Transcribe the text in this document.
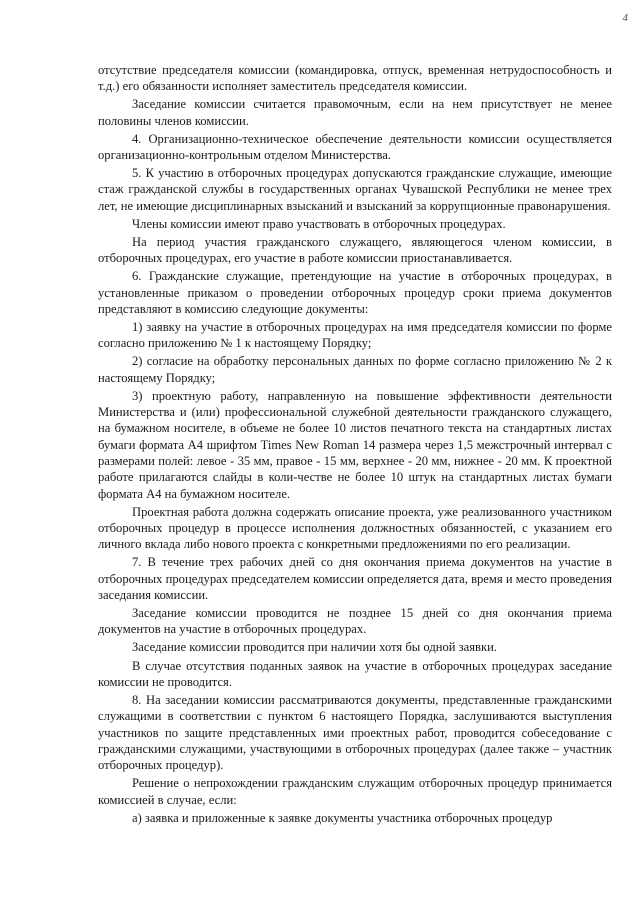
4

отсутствие председателя комиссии (командировка, отпуск, временная нетрудоспособность и т.д.) его обязанности исполняет заместитель председателя комиссии.

Заседание комиссии считается правомочным, если на нем присутствует не менее половины членов комиссии.

4. Организационно-техническое обеспечение деятельности комиссии осуществляется организационно-контрольным отделом Министерства.

5. К участию в отборочных процедурах допускаются гражданские служащие, имеющие стаж гражданской службы в государственных органах Чувашской Республики не менее трех лет, не имеющие дисциплинарных взысканий и взысканий за коррупционные правонарушения.

Члены комиссии имеют право участвовать в отборочных процедурах.

На период участия гражданского служащего, являющегося членом комиссии, в отборочных процедурах, его участие в работе комиссии приостанавливается.

6. Гражданские служащие, претендующие на участие в отборочных процедурах, в установленные приказом о проведении отборочных процедур сроки приема документов представляют в комиссию следующие документы:

1) заявку на участие в отборочных процедурах на имя председателя комиссии по форме согласно приложению № 1 к настоящему Порядку;

2) согласие на обработку персональных данных по форме согласно приложению № 2 к настоящему Порядку;

3) проектную работу, направленную на повышение эффективности деятельности Министерства и (или) профессиональной служебной деятельности гражданского служащего, на бумажном носителе, в объеме не более 10 листов печатного текста на стандартных листах бумаги формата А4 шрифтом Times New Roman 14 размера через 1,5 межстрочный интервал с размерами полей: левое - 35 мм, правое - 15 мм, верхнее - 20 мм, нижнее - 20 мм. К проектной работе прилагаются слайды в коли-честве не более 10 штук на стандартных листах бумаги формата А4 на бумажном носителе.

Проектная работа должна содержать описание проекта, уже реализованного участником отборочных процедур в процессе исполнения должностных обязанностей, с указанием его личного вклада либо нового проекта с конкретными предложениями по его реализации.

7. В течение трех рабочих дней со дня окончания приема документов на участие в отборочных процедурах председателем комиссии определяется дата, время и место проведения заседания комиссии.

Заседание комиссии проводится не позднее 15 дней со дня окончания приема документов на участие в отборочных процедурах.

Заседание комиссии проводится при наличии хотя бы одной заявки.

В случае отсутствия поданных заявок на участие в отборочных процедурах заседание комиссии не проводится.

8. На заседании комиссии рассматриваются документы, представленные гражданскими служащими в соответствии с пунктом 6 настоящего Порядка, заслушиваются выступления участников по защите представленных ими проектных работ, проводится собеседование с гражданскими служащими, участвующими в отборочных процедурах (далее также – участник отборочных процедур).

Решение о непрохождении гражданским служащим отборочных процедур принимается комиссией в случае, если:

а) заявка и приложенные к заявке документы участника отборочных процедур
